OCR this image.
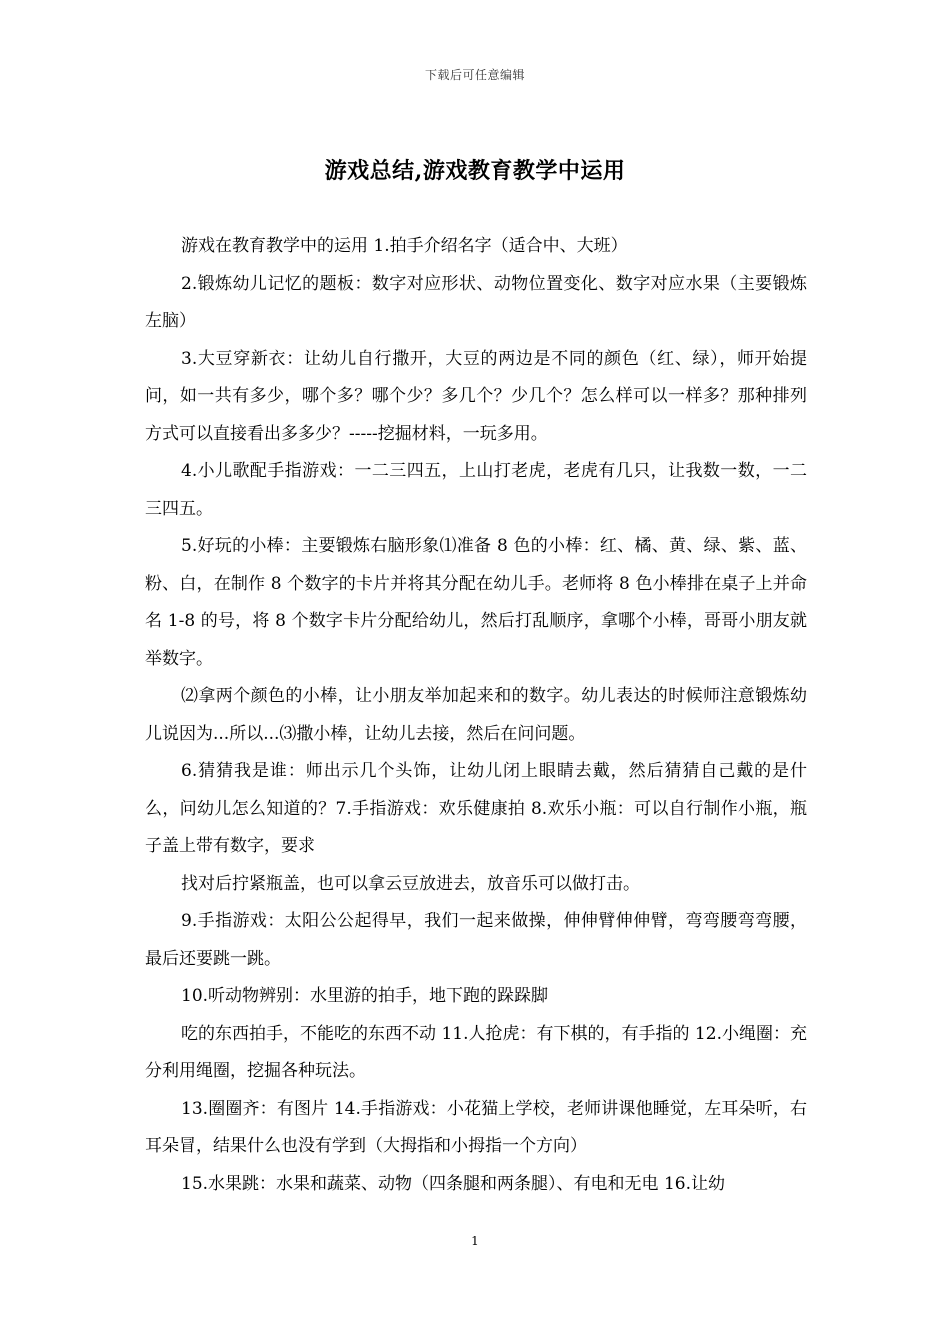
下载后可任意编辑
游戏总结,游戏教育教学中运用

游戏在教育教学中的运用 1.拍手介绍名字（适合中、大班）

2.锻炼幼儿记忆的题板：数字对应形状、动物位置变化、数字对应水果（主要锻炼左脑）

3.大豆穿新衣：让幼儿自行撒开，大豆的两边是不同的颜色（红、绿），师开始提问，如一共有多少，哪个多？哪个少？多几个？少几个？怎么样可以一样多？那种排列方式可以直接看出多多少？-----挖掘材料，一玩多用。

4.小儿歌配手指游戏：一二三四五，上山打老虎，老虎有几只，让我数一数，一二三四五。

5.好玩的小棒：主要锻炼右脑形象⑴准备 8 色的小棒：红、橘、黄、绿、紫、蓝、粉、白，在制作 8 个数字的卡片并将其分配在幼儿手。老师将 8 色小棒排在桌子上并命名 1-8 的号，将 8 个数字卡片分配给幼儿，然后打乱顺序，拿哪个小棒，哥哥小朋友就举数字。

⑵拿两个颜色的小棒，让小朋友举加起来和的数字。幼儿表达的时候师注意锻炼幼儿说因为...所以...⑶撒小棒，让幼儿去接，然后在问问题。

6.猜猜我是谁：师出示几个头饰，让幼儿闭上眼睛去戴，然后猜猜自己戴的是什么，问幼儿怎么知道的？7.手指游戏：欢乐健康拍 8.欢乐小瓶：可以自行制作小瓶，瓶子盖上带有数字，要求

找对后拧紧瓶盖，也可以拿云豆放进去，放音乐可以做打击。

9.手指游戏：太阳公公起得早，我们一起来做操，伸伸臂伸伸臂，弯弯腰弯弯腰，最后还要跳一跳。

10.听动物辨别：水里游的拍手，地下跑的跺跺脚

吃的东西拍手，不能吃的东西不动 11.人抢虎：有下棋的，有手指的 12.小绳圈：充分利用绳圈，挖掘各种玩法。

13.圈圈齐：有图片 14.手指游戏：小花猫上学校，老师讲课他睡觉，左耳朵听，右耳朵冒，结果什么也没有学到（大拇指和小拇指一个方向）

15.水果跳：水果和蔬菜、动物（四条腿和两条腿）、有电和无电 16.让幼

1
